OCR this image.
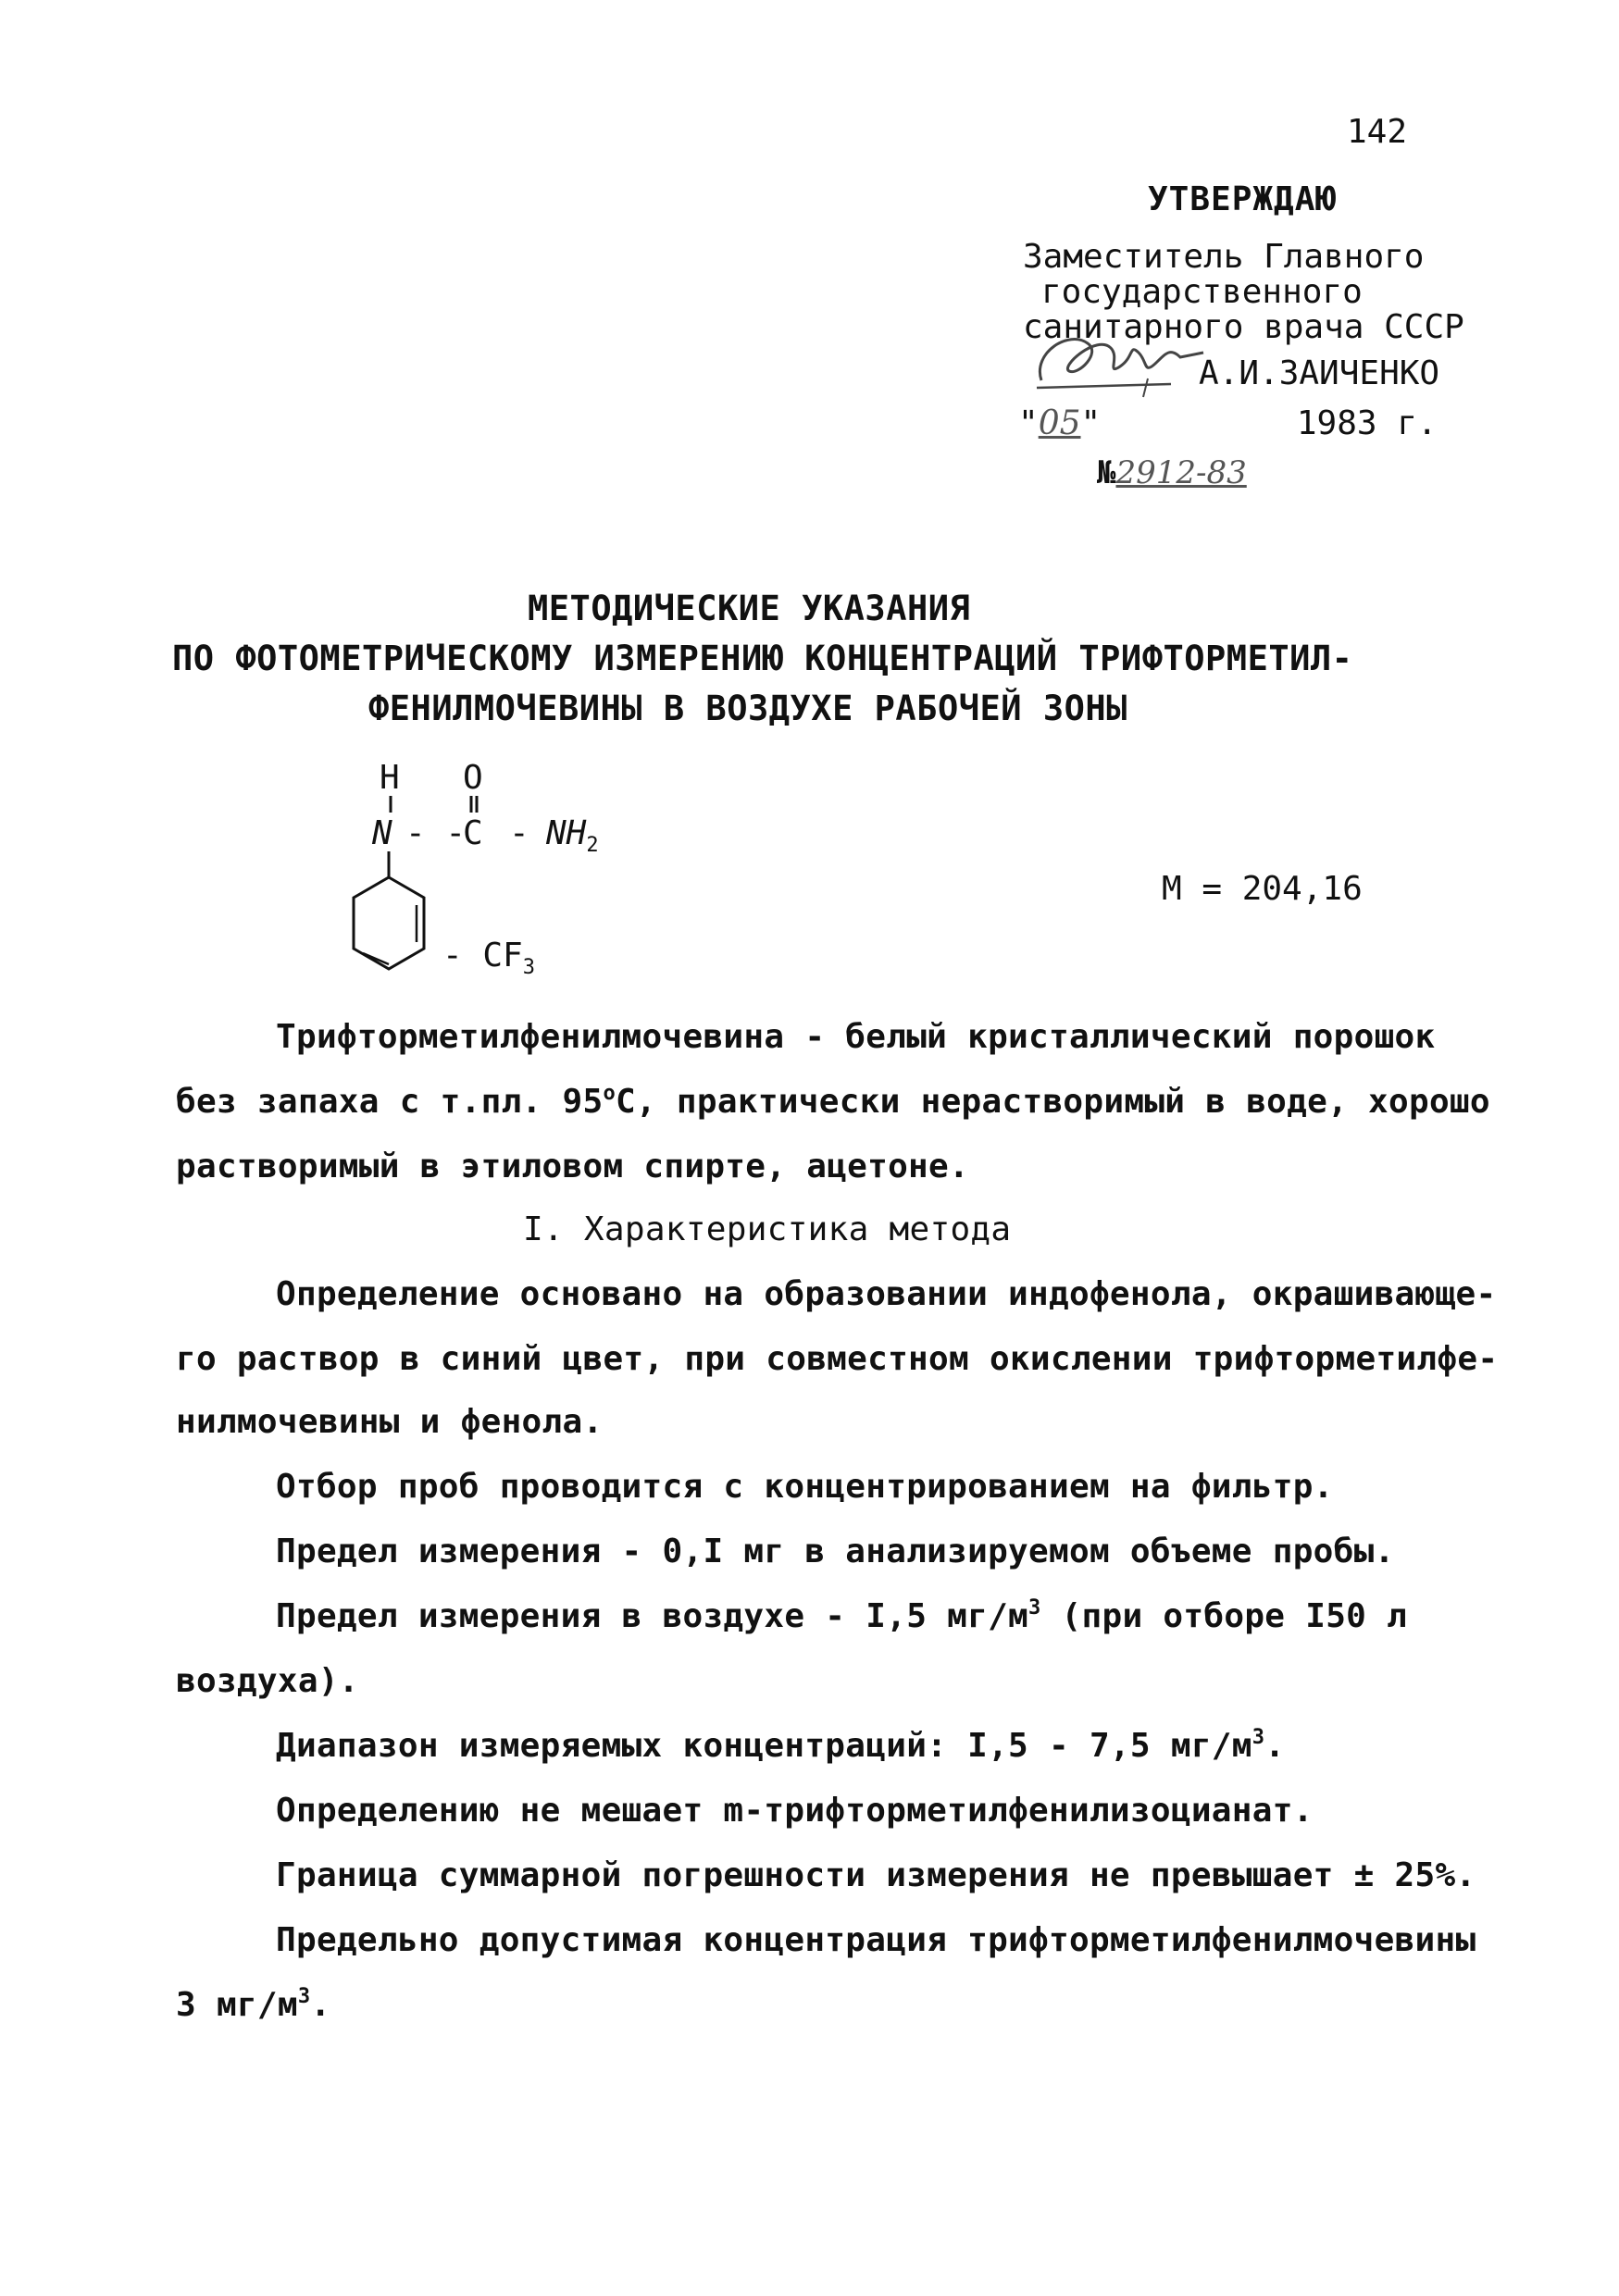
142
УТВЕРЖДАЮ
Заместитель Главного
государственного
санитарного врача СССР
А.И.ЗАИЧЕНКО
"05"	1983 г.
№2912-83
МЕТОДИЧЕСКИЕ УКАЗАНИЯ
ПО ФОТОМЕТРИЧЕСКОМУ ИЗМЕРЕНИЮ КОНЦЕНТРАЦИЙ ТРИФТОРМЕТИЛ-
ФЕНИЛМОЧЕВИНЫ В ВОЗДУХЕ РАБОЧЕЙ ЗОНЫ
H O
N - -
C - $NH_2$
- $CF_3$
М = 204,16
Трифторметилфенилмочевина - белый кристаллический порошок
без запаха с т.пл. $95^оС$, практически нерастворимый в воде, хорошо
растворимый в этиловом спирте, ацетоне.
I. Характеристика метода
Определение основано на образовании индофенола, окрашивающе-
го раствор в синий цвет, при совместном окислении трифторметилфе-
нилмочевины и фенола.
Отбор проб проводится с концентрированием на фильтр.
Предел измерения - 0,I мг в анализируемом объеме пробы.
Предел измерения в воздухе - I,5 $мг/м^3$ (при отборе I50 л
воздуха).
Диапазон измеряемых концентраций: I,5 - 7,5 $мг/м^3$.
Определению не мешает m-трифторметилфенилизоцианат.
Граница суммарной погрешности измерения не превышает ± 25%.
Предельно допустимая концентрация трифторметилфенилмочевины
3 $мг/м^3$.
